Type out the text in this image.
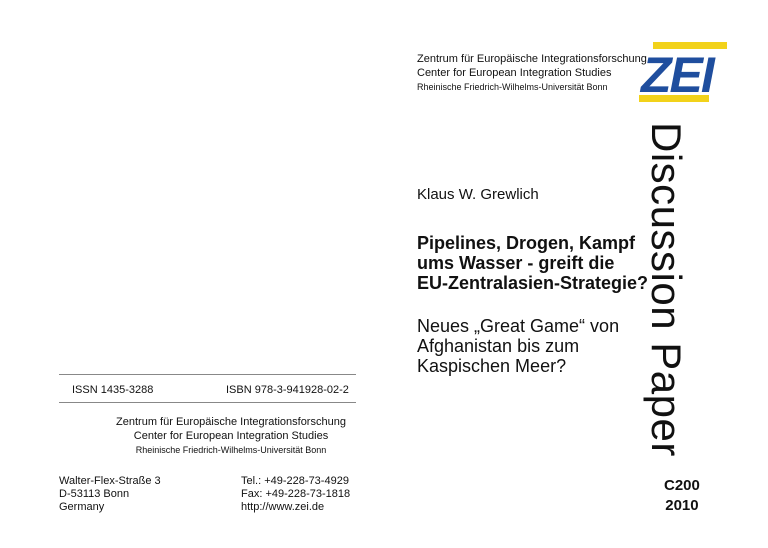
Zentrum für Europäische Integrationsforschung
Center for European Integration Studies
Rheinische Friedrich-Wilhelms-Universität Bonn ZEI
Klaus W. Grewlich
Pipelines, Drogen, Kampf
ums Wasser - greift die
EU-Zentralasien-Strategie?
Neues „Great Game“ von
Afghanistan bis zum
Kaspischen Meer?	Discussion Paper
C200
2010
ISSN 1435-3288	ISBN 978-3-941928-02-2
Zentrum für Europäische Integrationsforschung
Center for European Integration Studies
Rheinische Friedrich-Wilhelms-Universität Bonn
Walter-Flex-Straße 3
D-53113 Bonn
Germany
Tel.: +49-228-73-4929
Fax: +49-228-73-1818
http://www.zei.de
